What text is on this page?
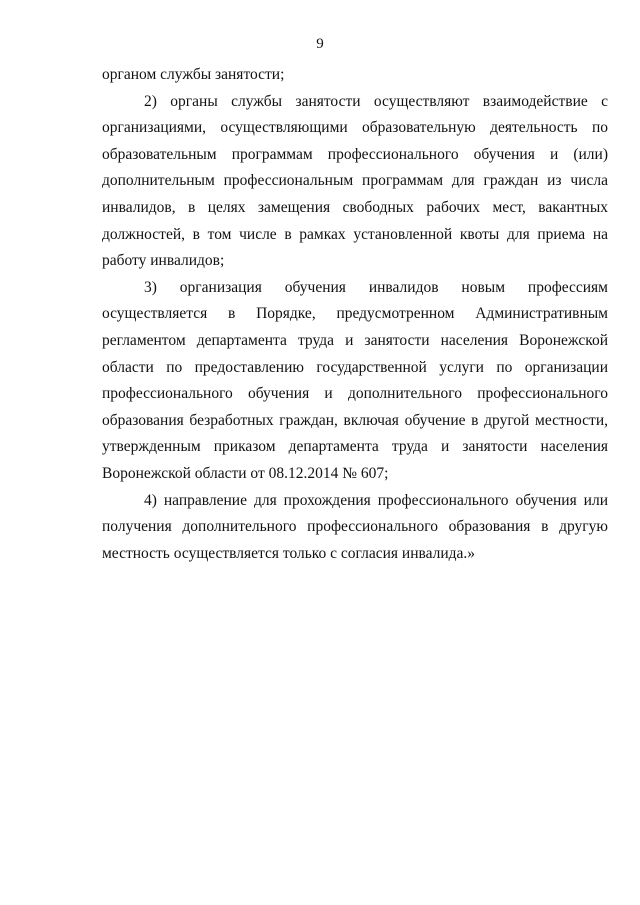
9
органом службы занятости;
2) органы службы занятости осуществляют взаимодействие с
организациями, осуществляющими образовательную деятельность по
образовательным программам профессионального обучения и (или)
дополнительным профессиональным программам для граждан из числа
инвалидов, в целях замещения свободных рабочих мест, вакантных
должностей, в том числе в рамках установленной квоты для приема на
работу инвалидов;
3) организация обучения инвалидов новым профессиям
осуществляется в Порядке, предусмотренном Административным
регламентом департамента труда и занятости населения Воронежской
области по предоставлению государственной услуги по организации
профессионального обучения и дополнительного профессионального
образования безработных граждан, включая обучение в другой местности,
утвержденным приказом департамента труда и занятости населения
Воронежской области от 08.12.2014 № 607;
4) направление для прохождения профессионального обучения или
получения дополнительного профессионального образования в другую
местность осуществляется только с согласия инвалида.»
